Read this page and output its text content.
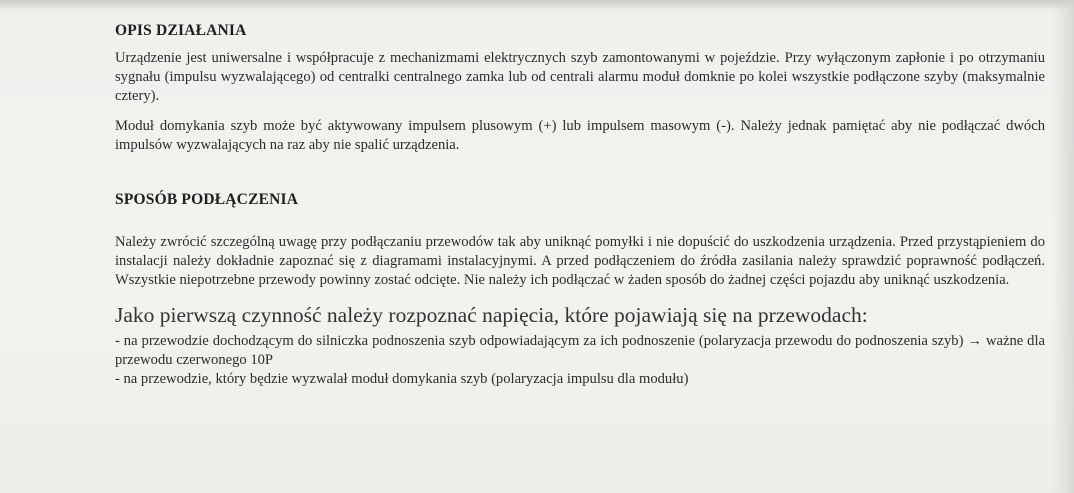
OPIS DZIAŁANIA

Urządzenie jest uniwersalne i współpracuje z mechanizmami elektrycznych szyb zamontowanymi w pojeździe. Przy wyłączonym zapłonie i po otrzymaniu sygnału (impulsu wyzwalającego) od centralki centralnego zamka lub od centrali alarmu moduł domknie po kolei wszystkie podłączone szyby (maksymalnie cztery).

Moduł domykania szyb może być aktywowany impulsem plusowym (+) lub impulsem masowym (-). Należy jednak pamiętać aby nie podłączać dwóch impulsów wyzwalających na raz aby nie spalić urządzenia.

SPOSÓB PODŁĄCZENIA

Należy zwrócić szczególną uwagę przy podłączaniu przewodów tak aby uniknąć pomyłki i nie dopuścić do uszkodzenia urządzenia. Przed przystąpieniem do instalacji należy dokładnie zapoznać się z diagramami instalacyjnymi. A przed podłączeniem do źródła zasilania należy sprawdzić poprawność podłączeń. Wszystkie niepotrzebne przewody powinny zostać odcięte. Nie należy ich podłączać w żaden sposób do żadnej części pojazdu aby uniknąć uszkodzenia.

Jako pierwszą czynność należy rozpoznać napięcia, które pojawiają się na przewodach:
- na przewodzie dochodzącym do silniczka podnoszenia szyb odpowiadającym za ich podnoszenie (polaryzacja przewodu do podnoszenia szyb) → ważne dla przewodu czerwonego 10P
- na przewodzie, który będzie wyzwalał moduł domykania szyb (polaryzacja impulsu dla modułu)
